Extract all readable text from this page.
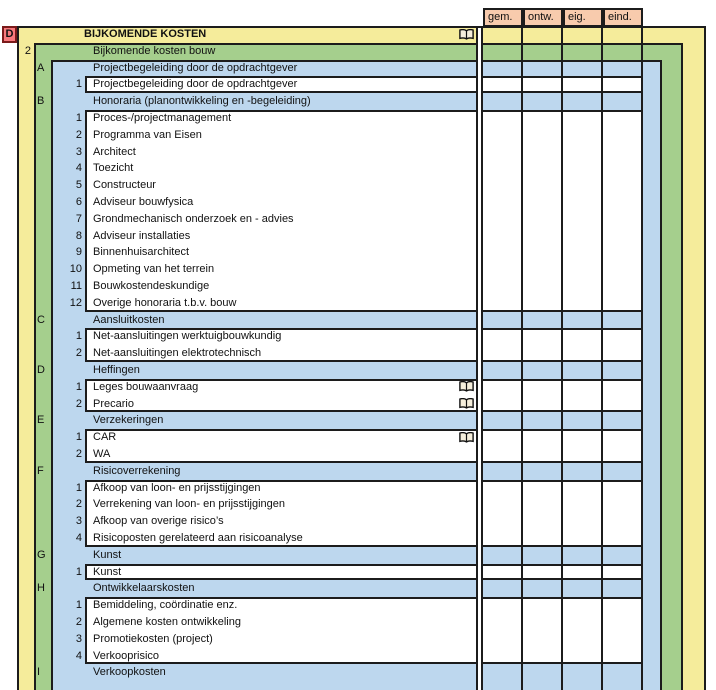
D
gem.	ontw.	eig.	eind.
BIJKOMENDE KOSTEN
2	Bijkomende kosten bouw
A	Projectbegeleiding door de opdrachtgever
1 Projectbegeleiding door de opdrachtgever
B	Honoraria (planontwikkeling en -begeleiding)
1 Proces-/projectmanagement
2 Programma van Eisen
3 Architect
4 Toezicht
5 Constructeur
6 Adviseur bouwfysica
7 Grondmechanisch onderzoek en - advies
8 Adviseur installaties
9 Binnenhuisarchitect
10 Opmeting van het terrein
11 Bouwkostendeskundige
12 Overige honoraria t.b.v. bouw
C	Aansluitkosten
1 Net-aansluitingen werktuigbouwkundig
2 Net-aansluitingen elektrotechnisch
D	Heffingen
1 Leges bouwaanvraag
2 Precario
E	Verzekeringen
1 CAR
2 WA
F	Risicoverrekening
1 Afkoop van loon- en prijsstijgingen
2 Verrekening van loon- en prijsstijgingen
3 Afkoop van overige risico’s
4 Risicoposten gerelateerd aan risicoanalyse
G	Kunst
1 Kunst
H	Ontwikkelaarskosten
1 Bemiddeling, coördinatie enz.
2 Algemene kosten ontwikkeling
3 Promotiekosten (project)
4 Verkooprisico
I	Verkoopkosten
